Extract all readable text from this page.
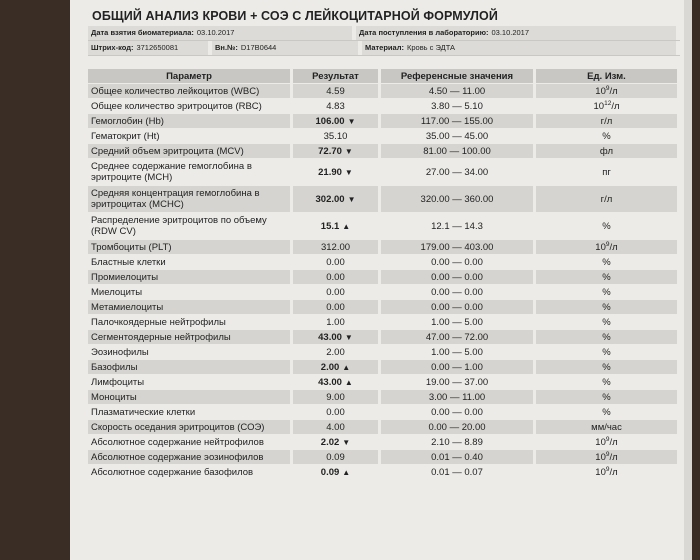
ОБЩИЙ АНАЛИЗ КРОВИ + СОЭ С ЛЕЙКОЦИТАРНОЙ ФОРМУЛОЙ
Дата взятия биоматериала: 03.10.2017	Дата поступления в лабораторию: 03.10.2017
Штрих-код: 3712650081	Вн.№: D17B0644	Материал: Кровь с ЭДТА
Параметр	Результат	Референсные значения	Ед. Изм.
Общее количество лейкоцитов (WBC)	4.59	4.50 — 11.00	$10^9/л$
Общее количество эритроцитов (RBC)	4.83	3.80 — 5.10	$10^{12}/л$
Гемоглобин (Hb)	106.00 ▼	117.00 — 155.00	г/л
Гематокрит (Ht)	35.10	35.00 — 45.00	%
Средний объем эритроцита (MCV)	72.70 ▼	81.00 — 100.00	фл
Среднее содержание гемоглобина в эритроците (MCH)	21.90 ▼	27.00 — 34.00	пг
Средняя концентрация гемоглобина в эритроцитах (MCHC)	302.00 ▼	320.00 — 360.00	г/л
Распределение эритроцитов по объему (RDW CV)	15.1 ▲	12.1 — 14.3	%
Тромбоциты (PLT)	312.00	179.00 — 403.00	$10^9/л$
Бластные клетки	0.00	0.00 — 0.00	%
Промиелоциты	0.00	0.00 — 0.00	%
Миелоциты	0.00	0.00 — 0.00	%
Метамиелоциты	0.00	0.00 — 0.00	%
Палочкоядерные нейтрофилы	1.00	1.00 — 5.00	%
Сегментоядерные нейтрофилы	43.00 ▼	47.00 — 72.00	%
Эозинофилы	2.00	1.00 — 5.00	%
Базофилы	2.00 ▲	0.00 — 1.00	%
Лимфоциты	43.00 ▲	19.00 — 37.00	%
Моноциты	9.00	3.00 — 11.00	%
Плазматические клетки	0.00	0.00 — 0.00	%
Скорость оседания эритроцитов (СОЭ)	4.00	0.00 — 20.00	мм/час
Абсолютное содержание нейтрофилов	2.02 ▼	2.10 — 8.89	$10^9/л$
Абсолютное содержание эозинофилов	0.09	0.01 — 0.40	$10^9/л$
Абсолютное содержание базофилов	0.09 ▲	0.01 — 0.07	$10^9/л$
